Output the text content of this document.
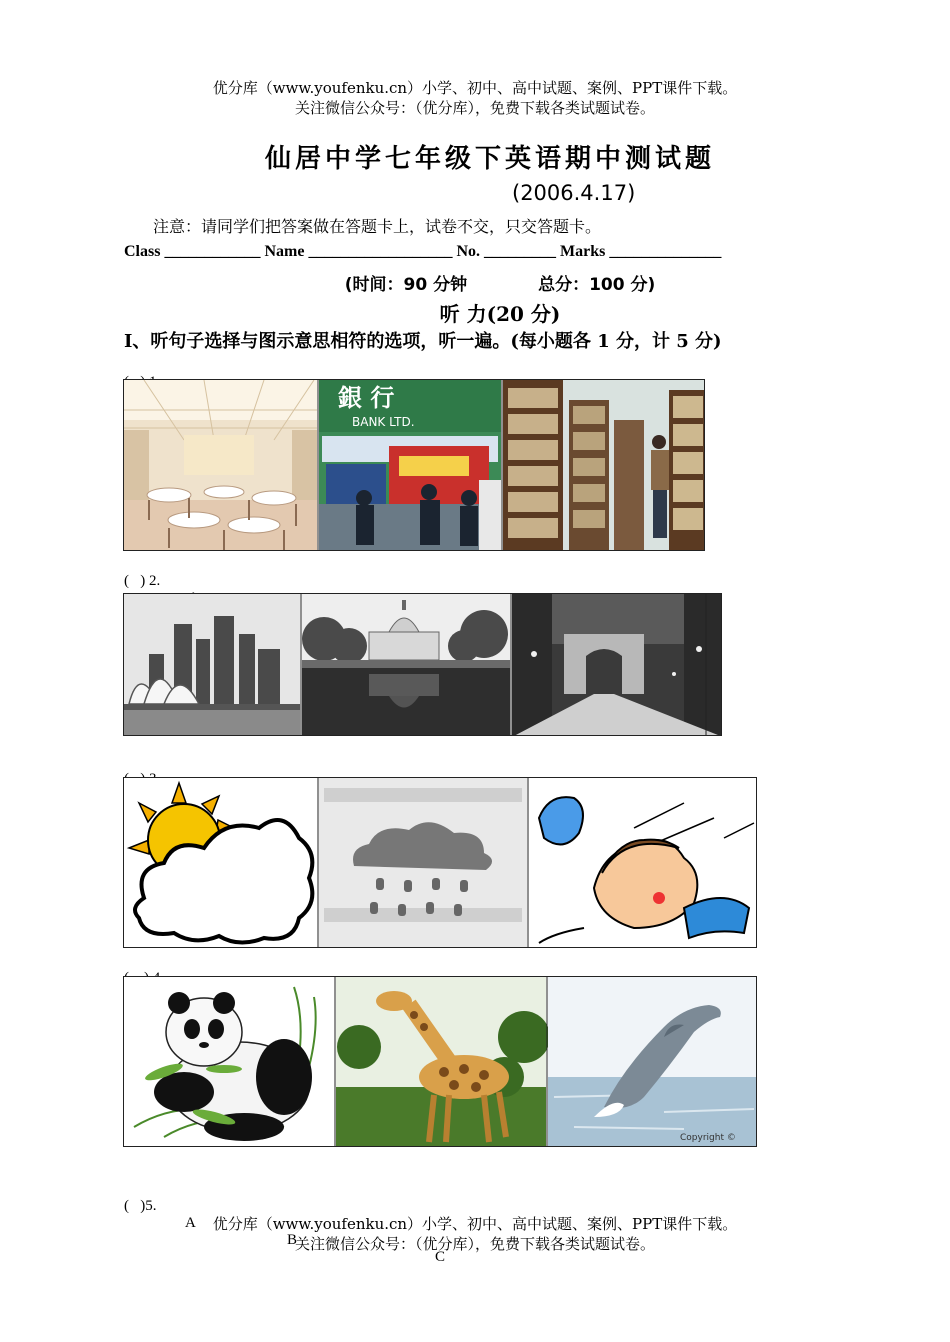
优分库（www.youfenku.cn）小学、初中、高中试题、案例、PPT课件下载。
关注微信公众号：（优分库），免费下载各类试题试卷。
仙居中学七年级下英语期中测试题
(2006.4.17)
注意：请同学们把答案做在答题卡上，试卷不交，只交答题卡。
Class ____________ Name __________________ No. _________ Marks ______________
(时间：90 分钟            总分：100 分)
听 力(20 分)
I、听句子选择与图示意思相符的选项，听一遍。(每小题各 1 分，计 5 分)

銀 行
BANK LTD.

(   ) 2.

Copyright ©

(   )5.

A

B

C

优分库（www.youfenku.cn）小学、初中、高中试题、案例、PPT课件下载。
关注微信公众号：（优分库），免费下载各类试题试卷。
